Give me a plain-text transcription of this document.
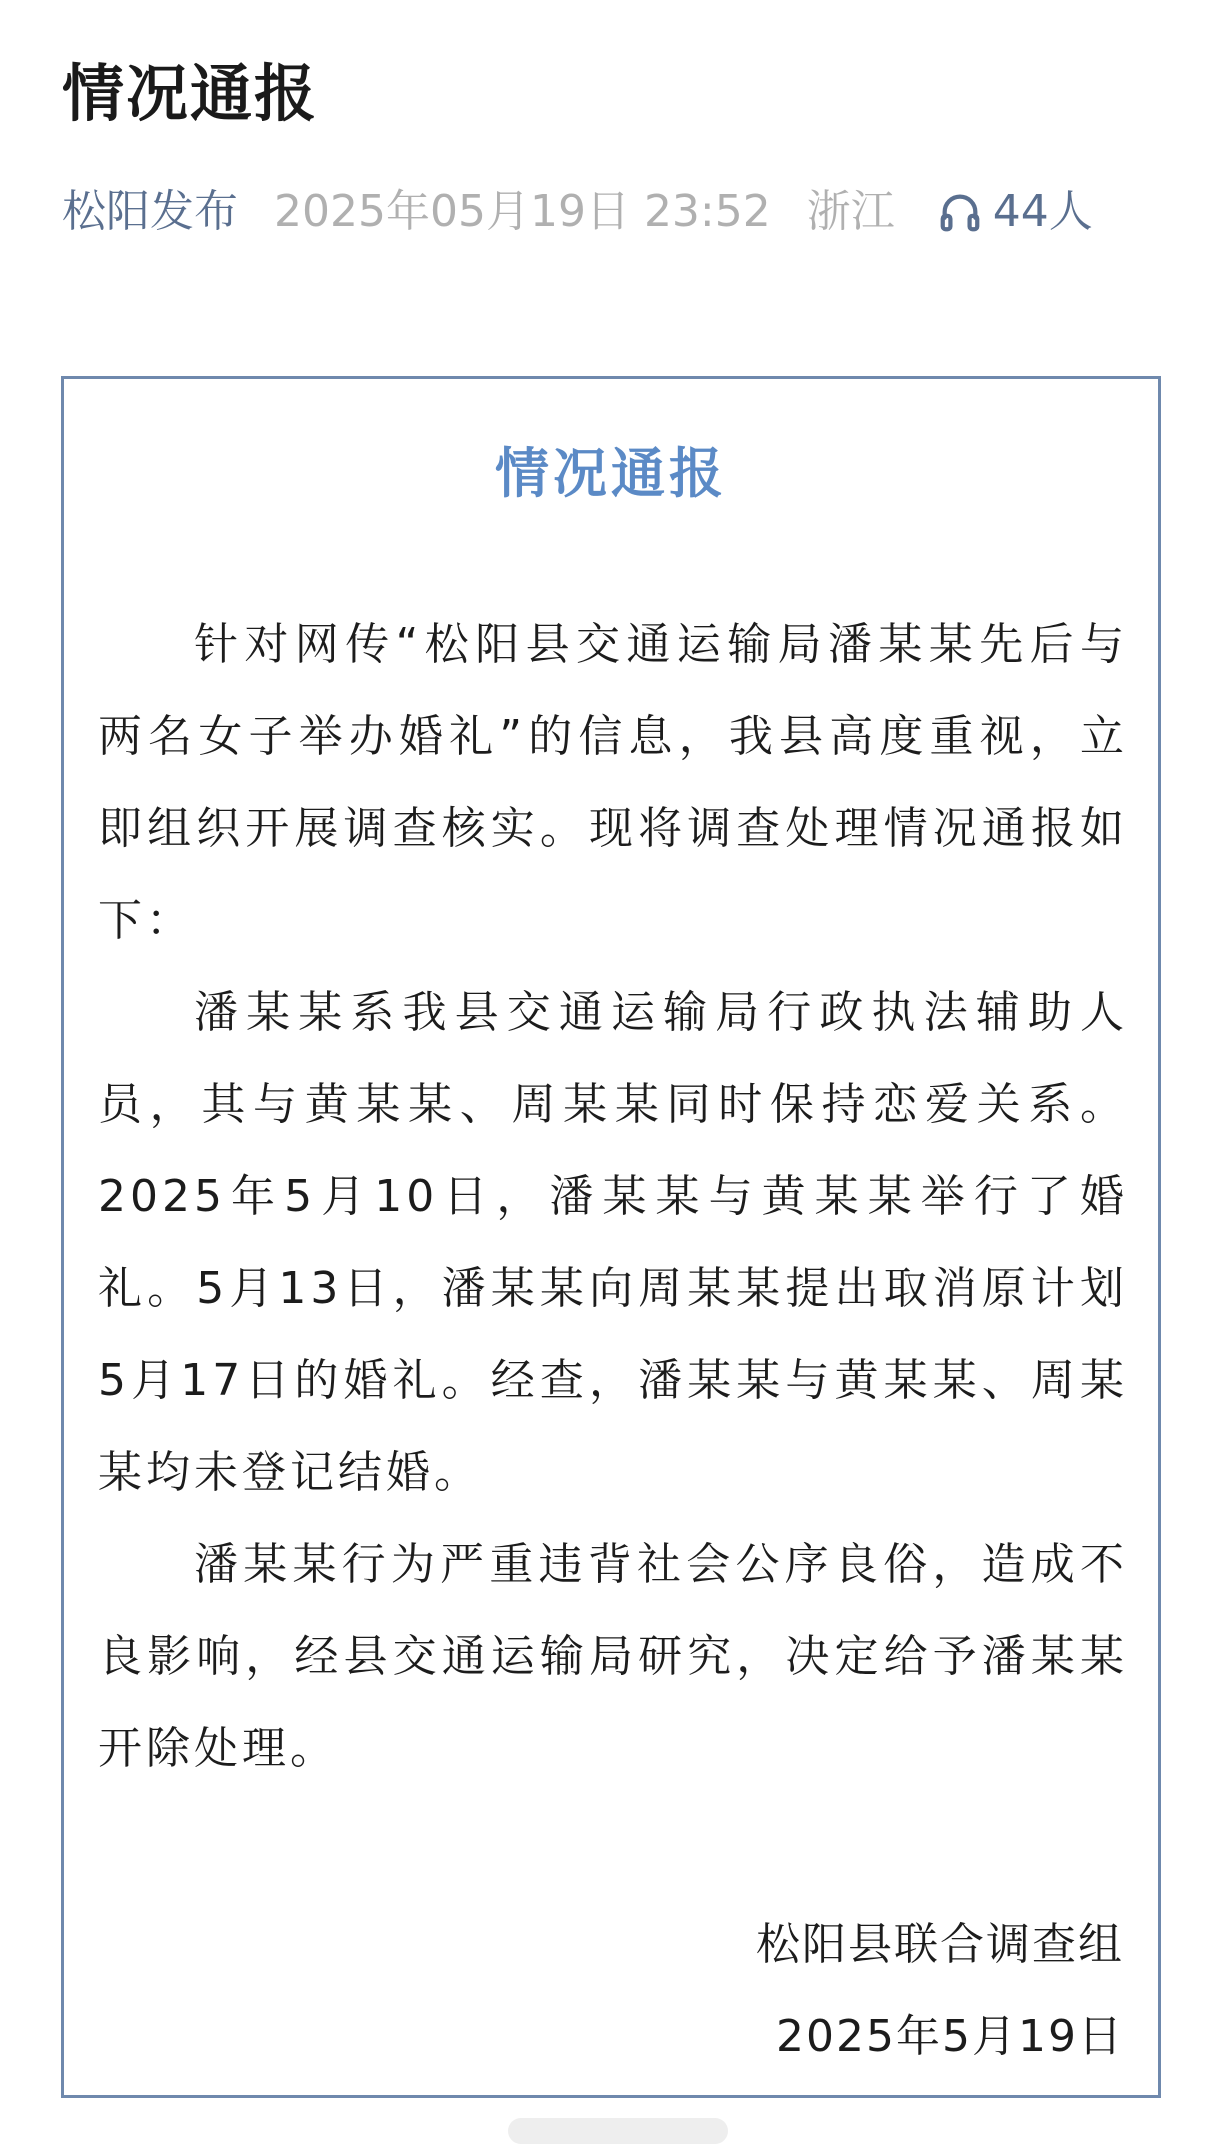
情况通报
松阳发布 2025年05月19日 23:52 浙江 44人
情况通报

针对网传“松阳县交通运输局潘某某先后与两名女子举办婚礼”的信息，我县高度重视，立即组织开展调查核实。现将调查处理情况通报如下：

潘某某系我县交通运输局行政执法辅助人员，其与黄某某、周某某同时保持恋爱关系。2025年5月10日，潘某某与黄某某举行了婚礼。5月13日，潘某某向周某某提出取消原计划5月17日的婚礼。经查，潘某某与黄某某、周某某均未登记结婚。

潘某某行为严重违背社会公序良俗，造成不良影响，经县交通运输局研究，决定给予潘某某开除处理。

松阳县联合调查组
2025年5月19日
